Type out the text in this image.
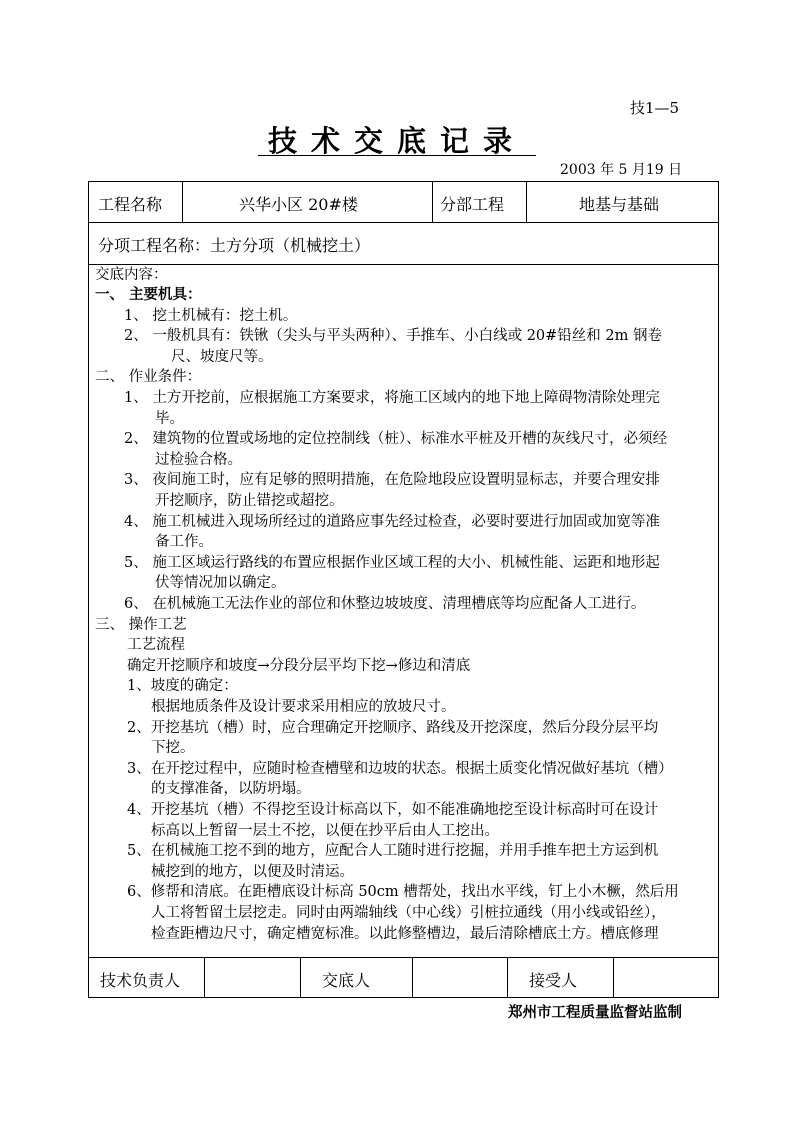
技1—5
技术交底记录
2003 年 5 月19 日
工程名称	兴华小区 20#楼	分部工程	地基与基础
分项工程名称：土方分项（机械挖土）
交底内容：
一、 主要机具：
1、 挖土机械有：挖土机。
2、 一般机具有：铁锹（尖头与平头两种）、手推车、小白线或 20#铅丝和 2m 钢卷
尺、坡度尺等。
二、 作业条件：
1、 土方开挖前，应根据施工方案要求，将施工区域内的地下地上障碍物清除处理完
毕。
2、 建筑物的位置或场地的定位控制线（桩）、标准水平桩及开槽的灰线尺寸，必须经
过检验合格。
3、 夜间施工时，应有足够的照明措施，在危险地段应设置明显标志，并要合理安排
开挖顺序，防止错挖或超挖。
4、 施工机械进入现场所经过的道路应事先经过检查，必要时要进行加固或加宽等准
备工作。
5、 施工区域运行路线的布置应根据作业区域工程的大小、机械性能、运距和地形起
伏等情况加以确定。
6、 在机械施工无法作业的部位和休整边坡坡度、清理槽底等均应配备人工进行。
三、 操作工艺
工艺流程
确定开挖顺序和坡度→分段分层平均下挖→修边和清底
1、坡度的确定：
根据地质条件及设计要求采用相应的放坡尺寸。
2、开挖基坑（槽）时，应合理确定开挖顺序、路线及开挖深度，然后分段分层平均
下挖。
3、在开挖过程中，应随时检查槽壁和边坡的状态。根据土质变化情况做好基坑（槽）
的支撑准备，以防坍塌。
4、开挖基坑（槽）不得挖至设计标高以下，如不能准确地挖至设计标高时可在设计
标高以上暂留一层土不挖，以便在抄平后由人工挖出。
5、在机械施工挖不到的地方，应配合人工随时进行挖掘，并用手推车把土方运到机
械挖到的地方，以便及时清运。
6、修帮和清底。在距槽底设计标高 50cm 槽帮处，找出水平线，钉上小木橛，然后用
人工将暂留土层挖走。同时由两端轴线（中心线）引桩拉通线（用小线或铅丝），
检查距槽边尺寸，确定槽宽标准。以此修整槽边，最后清除槽底土方。槽底修理
技术负责人	交底人	接受人
郑州市工程质量监督站监制
